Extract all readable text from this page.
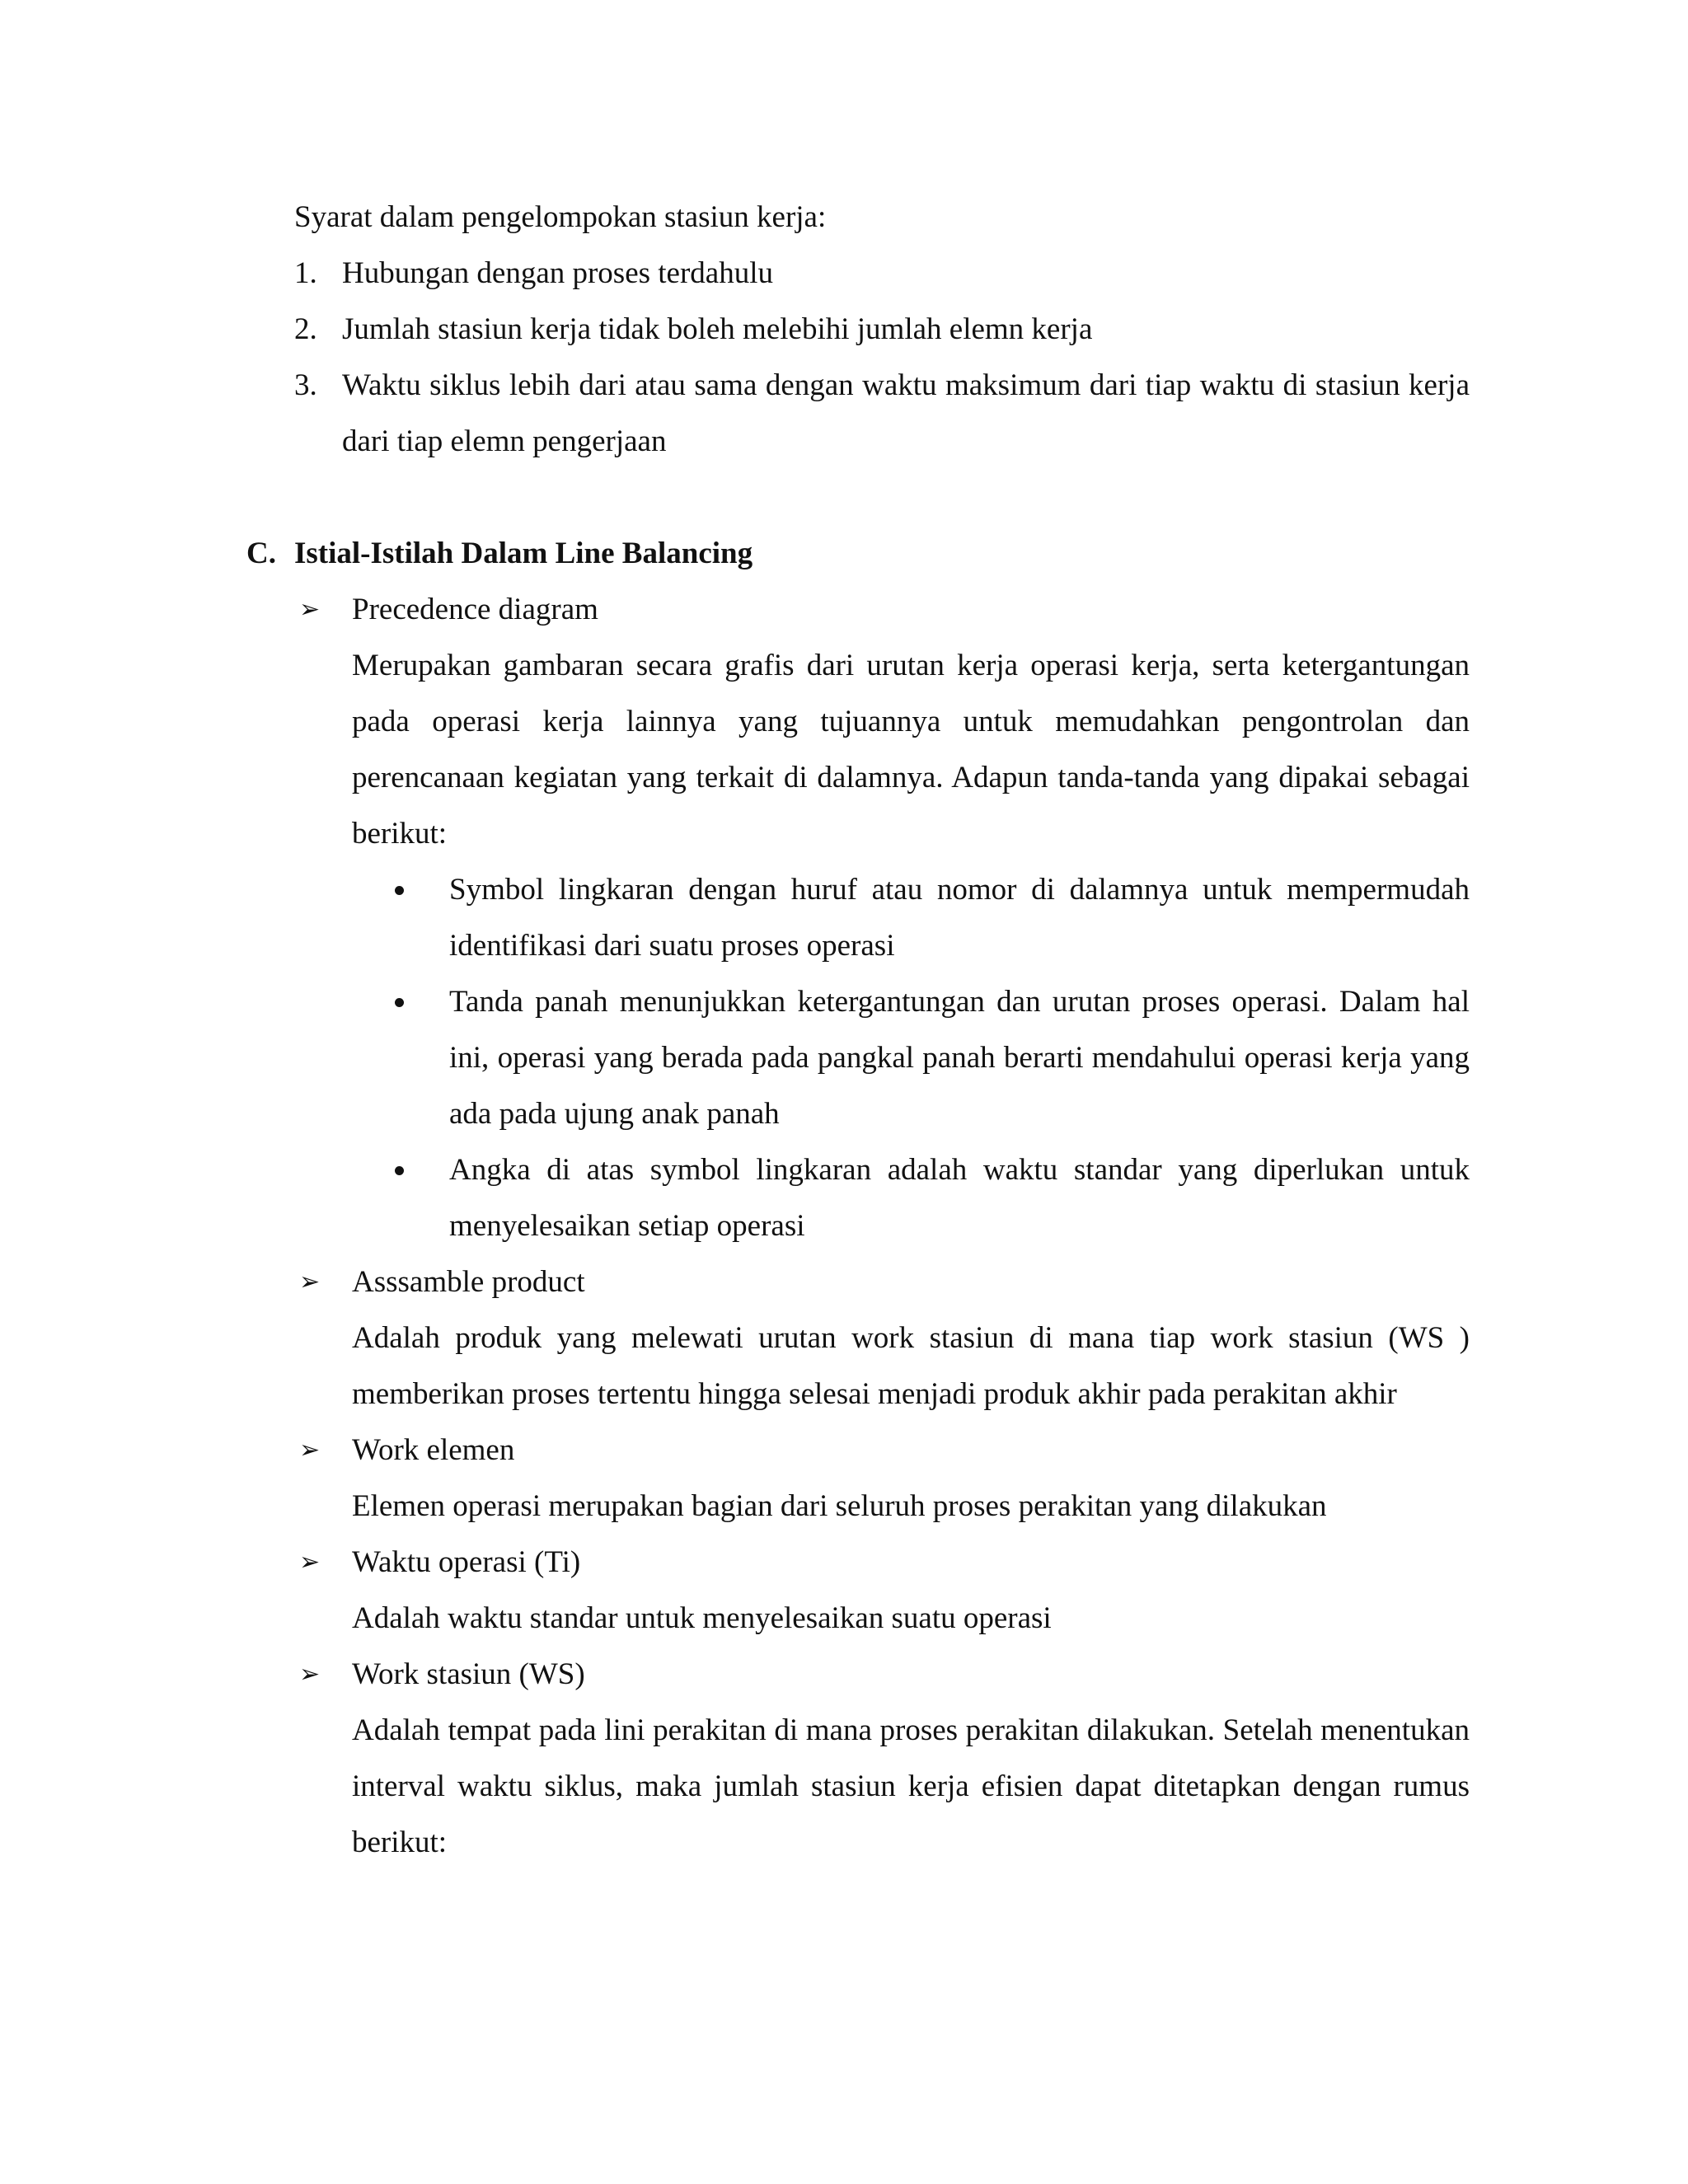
Syarat dalam pengelompokan stasiun kerja:

1. Hubungan dengan proses terdahulu
2. Jumlah stasiun kerja tidak boleh melebihi jumlah elemn kerja
3. Waktu siklus lebih dari atau sama dengan waktu maksimum dari tiap waktu di stasiun kerja dari tiap elemn pengerjaan
C. Istial-Istilah Dalam Line Balancing
➢ Precedence diagram
Merupakan gambaran secara grafis dari urutan kerja operasi kerja, serta ketergantungan pada operasi kerja lainnya yang tujuannya untuk memudahkan pengontrolan dan perencanaan kegiatan yang terkait di dalamnya. Adapun tanda-tanda yang dipakai sebagai berikut:
Symbol lingkaran dengan huruf atau nomor di dalamnya untuk mempermudah identifikasi dari suatu proses operasi
Tanda panah menunjukkan ketergantungan dan urutan proses operasi. Dalam hal ini, operasi yang berada pada pangkal panah berarti mendahului operasi kerja yang ada pada ujung anak panah
Angka di atas symbol lingkaran adalah waktu standar yang diperlukan untuk menyelesaikan setiap operasi
➢ Asssamble product
Adalah produk yang melewati urutan work stasiun di mana tiap work stasiun (WS ) memberikan proses tertentu hingga selesai menjadi produk akhir pada perakitan akhir
➢ Work elemen
Elemen operasi merupakan bagian dari seluruh proses perakitan yang dilakukan
➢ Waktu operasi (Ti)
Adalah waktu standar untuk menyelesaikan suatu operasi
➢ Work stasiun (WS)
Adalah tempat pada lini perakitan di mana proses perakitan dilakukan. Setelah menentukan interval waktu siklus, maka jumlah stasiun kerja efisien dapat ditetapkan dengan rumus berikut:
